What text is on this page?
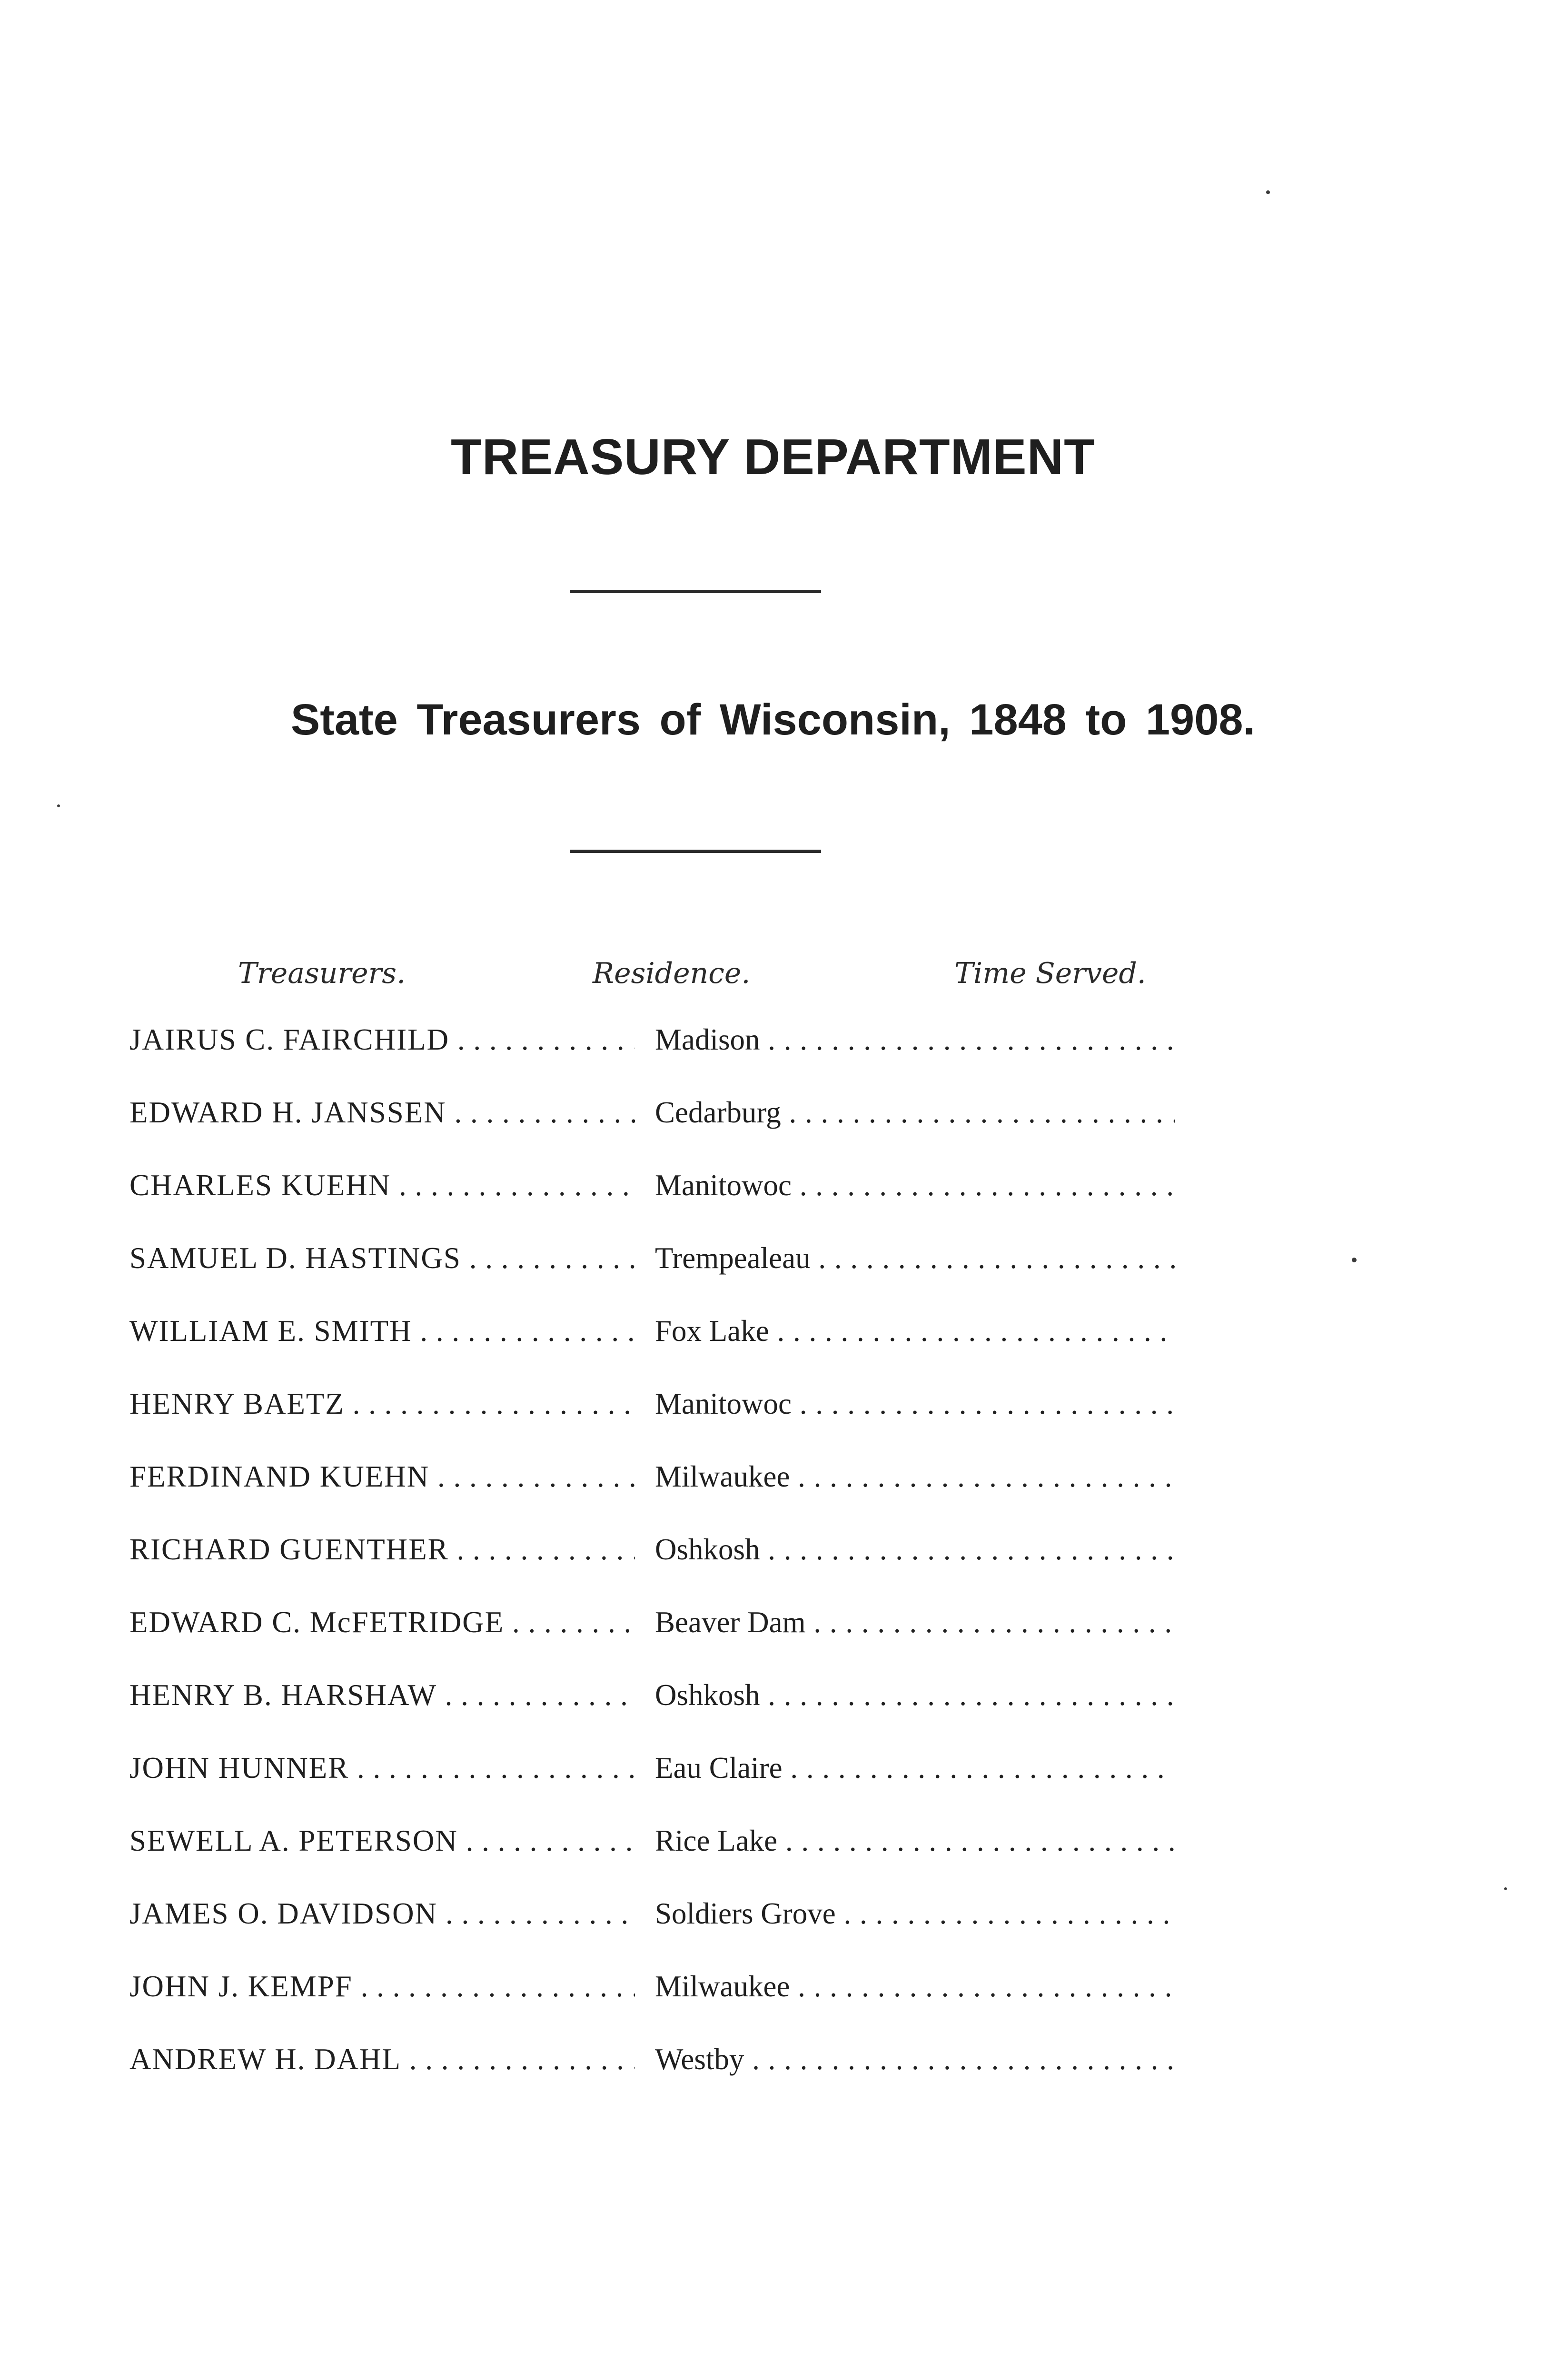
TREASURY DEPARTMENT
State Treasurers of Wisconsin, 1848 to 1908.
Treasurers.	Residence.	Time Served.
JAIRUS C. FAIRCHILD . . .	Madison . . .
EDWARD H. JANSSEN . . .	Cedarburg . . .
CHARLES KUEHN . . .	Manitowoc . . .
SAMUEL D. HASTINGS . . .	Trempealeau . . .
WILLIAM E. SMITH . . .	Fox Lake . . .
HENRY BAETZ . . .	Manitowoc . . .
FERDINAND KUEHN . . .	Milwaukee . . .
RICHARD GUENTHER . . .	Oshkosh . . .
EDWARD C. McFETRIDGE . . .	Beaver Dam . . .
HENRY B. HARSHAW . . .	Oshkosh . . .
JOHN HUNNER . . .	Eau Claire . . .
SEWELL A. PETERSON . . .	Rice Lake . . .
JAMES O. DAVIDSON . . .	Soldiers Grove . . .
JOHN J. KEMPF . . .	Milwaukee . . .
ANDREW H. DAHL . . .	Westby . . .
